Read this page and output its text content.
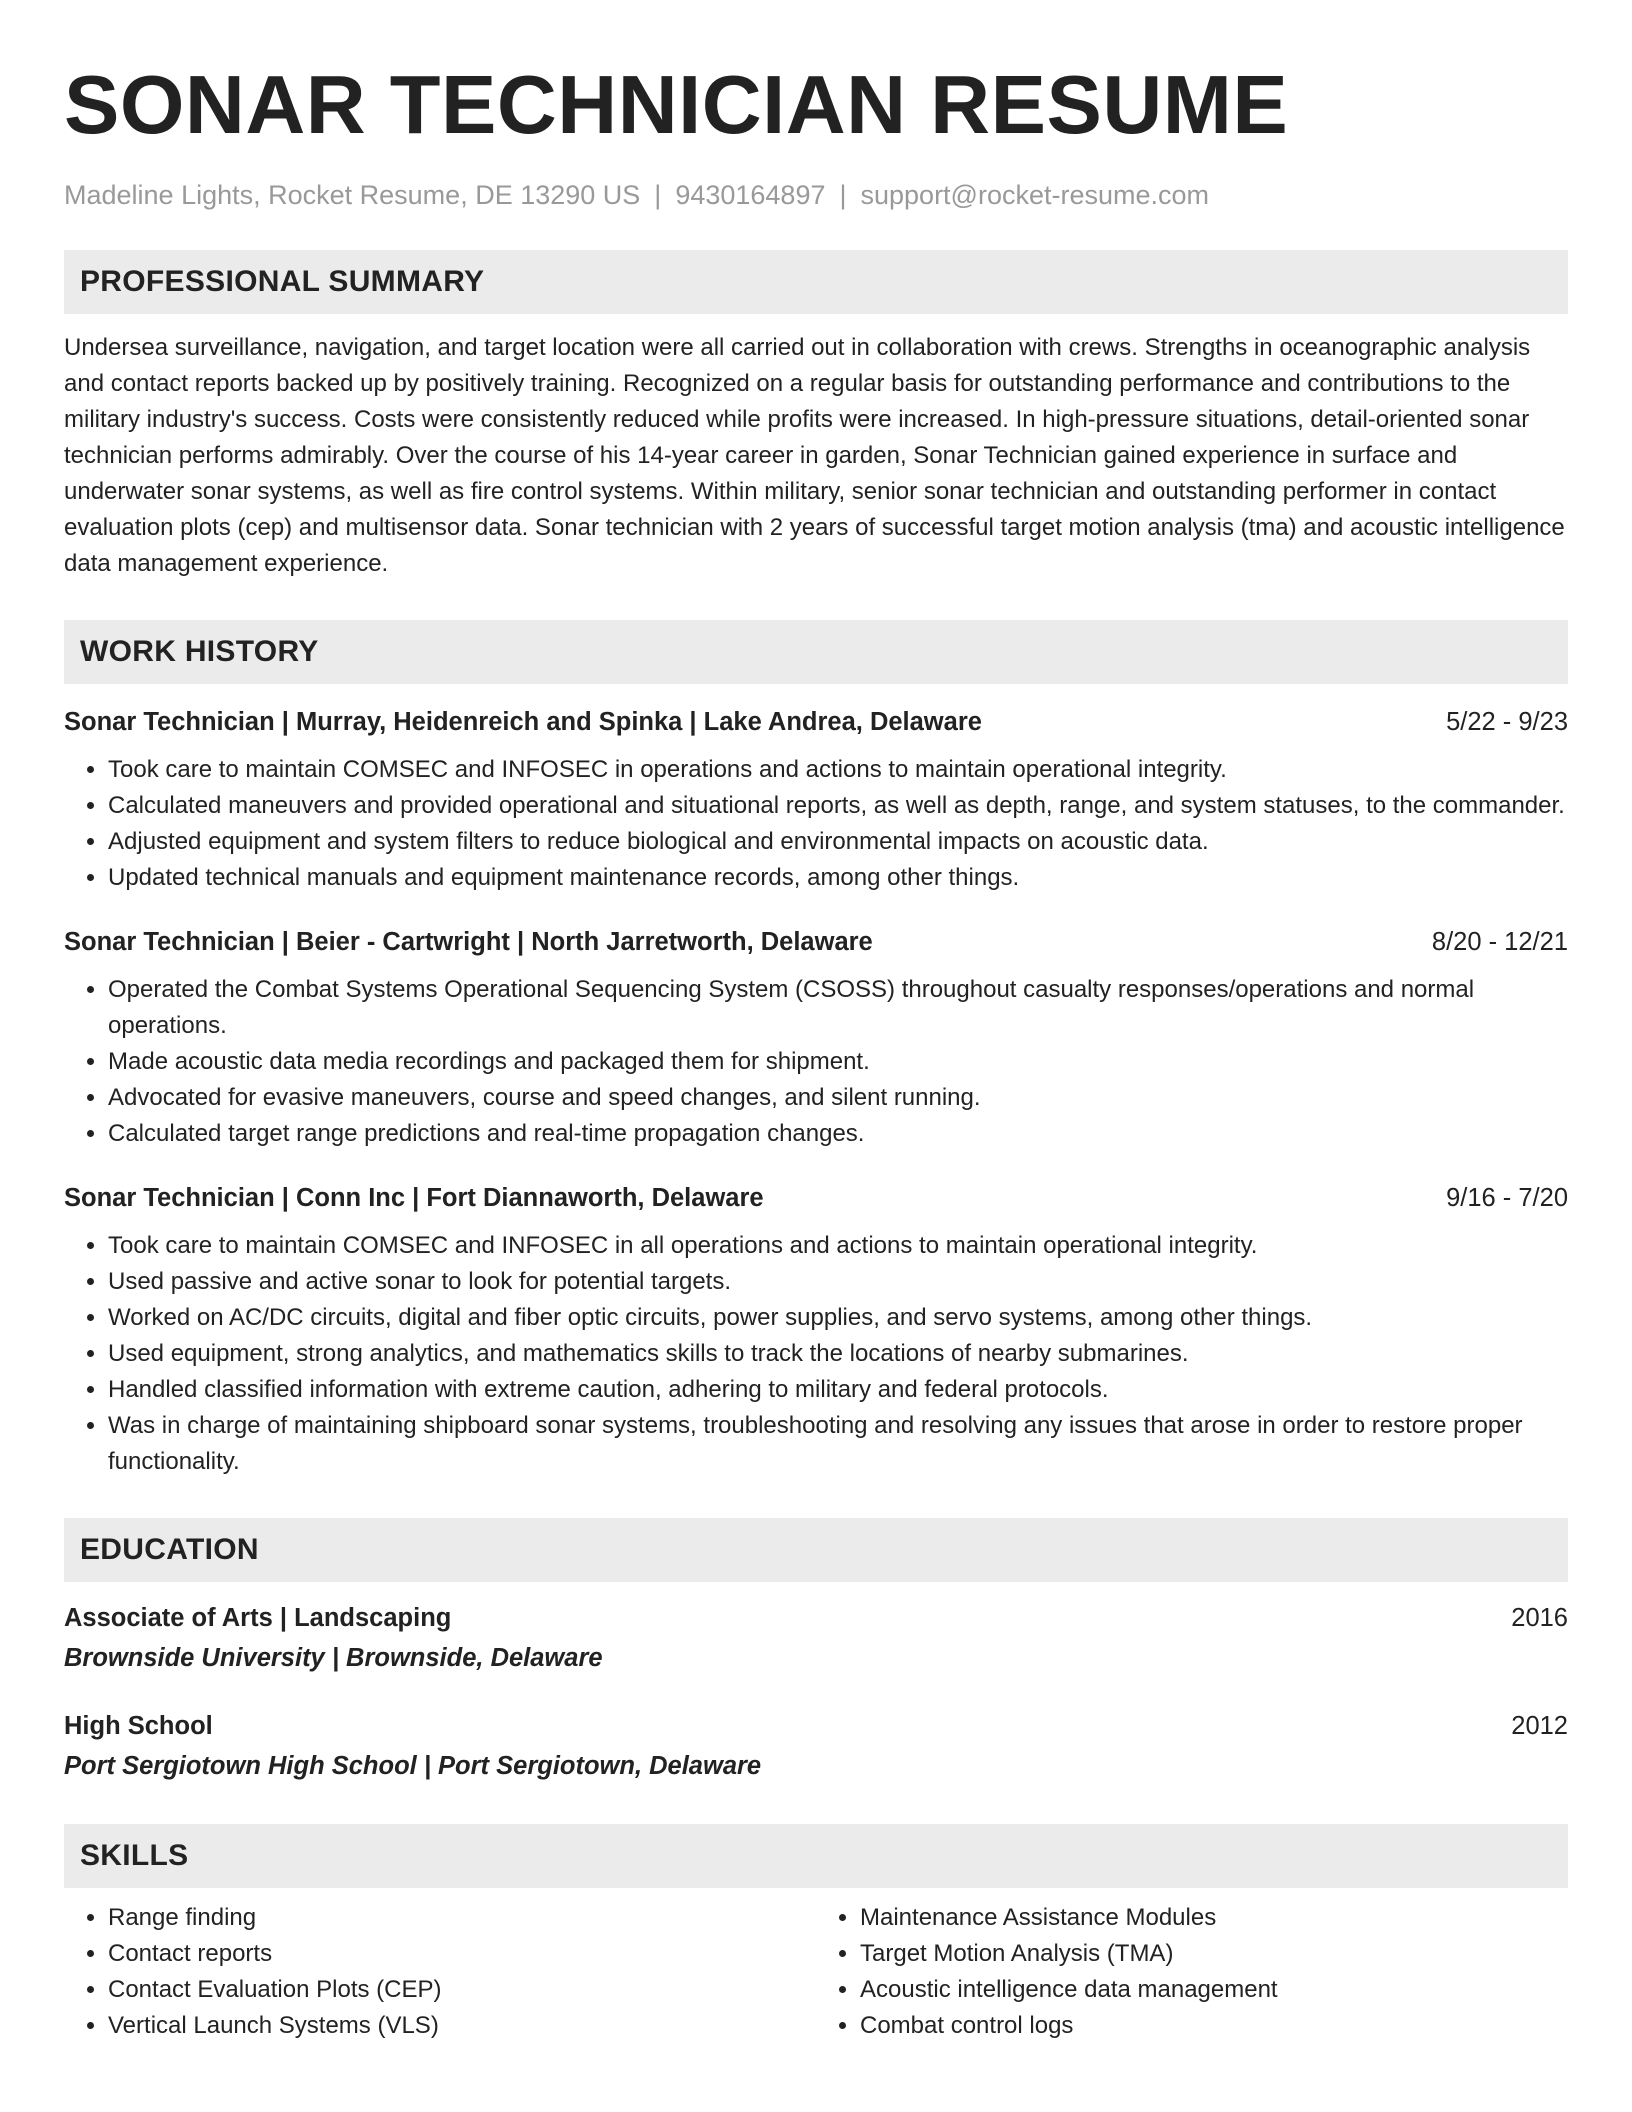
SONAR TECHNICIAN RESUME
Madeline Lights, Rocket Resume, DE 13290 US | 9430164897 | support@rocket-resume.com
PROFESSIONAL SUMMARY

Undersea surveillance, navigation, and target location were all carried out in collaboration with crews. Strengths in oceanographic analysis and contact reports backed up by positively training. Recognized on a regular basis for outstanding performance and contributions to the military industry's success. Costs were consistently reduced while profits were increased. In high-pressure situations, detail-oriented sonar technician performs admirably. Over the course of his 14-year career in garden, Sonar Technician gained experience in surface and underwater sonar systems, as well as fire control systems. Within military, senior sonar technician and outstanding performer in contact evaluation plots (cep) and multisensor data. Sonar technician with 2 years of successful target motion analysis (tma) and acoustic intelligence data management experience.

WORK HISTORY
Sonar Technician | Murray, Heidenreich and Spinka | Lake Andrea, Delaware	5/22 - 9/23
• Took care to maintain COMSEC and INFOSEC in operations and actions to maintain operational integrity.
• Calculated maneuvers and provided operational and situational reports, as well as depth, range, and system statuses, to the commander.
• Adjusted equipment and system filters to reduce biological and environmental impacts on acoustic data.
• Updated technical manuals and equipment maintenance records, among other things.
Sonar Technician | Beier - Cartwright | North Jarretworth, Delaware	8/20 - 12/21
• Operated the Combat Systems Operational Sequencing System (CSOSS) throughout casualty responses/operations and normal operations.
• Made acoustic data media recordings and packaged them for shipment.
• Advocated for evasive maneuvers, course and speed changes, and silent running.
• Calculated target range predictions and real-time propagation changes.
Sonar Technician | Conn Inc | Fort Diannaworth, Delaware	9/16 - 7/20
• Took care to maintain COMSEC and INFOSEC in all operations and actions to maintain operational integrity.
• Used passive and active sonar to look for potential targets.
• Worked on AC/DC circuits, digital and fiber optic circuits, power supplies, and servo systems, among other things.
• Used equipment, strong analytics, and mathematics skills to track the locations of nearby submarines.
• Handled classified information with extreme caution, adhering to military and federal protocols.
• Was in charge of maintaining shipboard sonar systems, troubleshooting and resolving any issues that arose in order to restore proper functionality.
EDUCATION
Associate of Arts | Landscaping	2016
Brownside University | Brownside, Delaware
High School	2012
Port Sergiotown High School | Port Sergiotown, Delaware
SKILLS
• Range finding
• Contact reports
• Contact Evaluation Plots (CEP)
• Vertical Launch Systems (VLS)
• Maintenance Assistance Modules
• Target Motion Analysis (TMA)
• Acoustic intelligence data management
• Combat control logs
